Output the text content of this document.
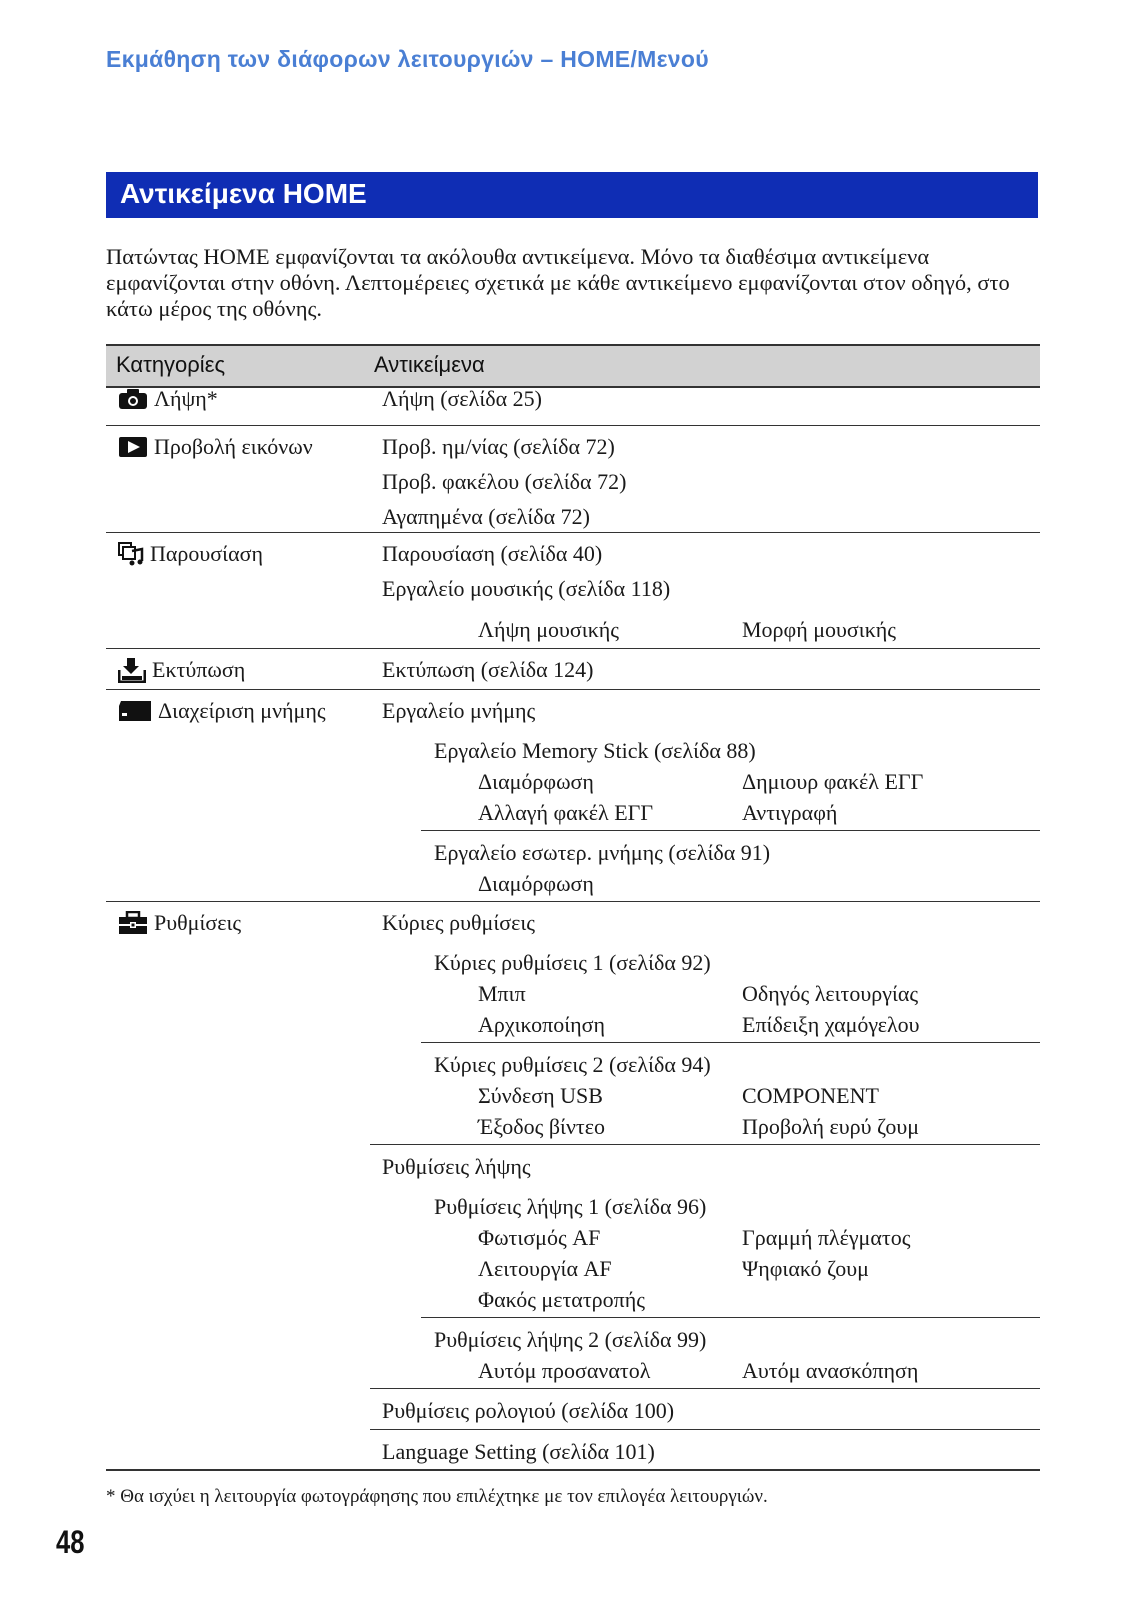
Εκμάθηση των διάφορων λειτουργιών – HOME/Μενού
Αντικείμενα HOME
Πατώντας HOME εμφανίζονται τα ακόλουθα αντικείμενα. Μόνο τα διαθέσιμα αντικείμενα εμφανίζονται στην οθόνη. Λεπτομέρειες σχετικά με κάθε αντικείμενο εμφανίζονται στον οδηγό, στο κάτω μέρος της οθόνης.
Κατηγορίες	Αντικείμενα
Λήψη*	Λήψη (σελίδα 25)
Προβολή εικόνων	Προβ. ημ/νίας (σελίδα 72)
Προβ. φακέλου (σελίδα 72)
Αγαπημένα (σελίδα 72)
Παρουσίαση	Παρουσίαση (σελίδα 40)
Εργαλείο μουσικής (σελίδα 118)
Λήψη μουσικής	Μορφή μουσικής
Εκτύπωση	Εκτύπωση (σελίδα 124)
Διαχείριση μνήμης	Εργαλείο μνήμης
Εργαλείο Memory Stick (σελίδα 88)
Διαμόρφωση	Δημιουρ φακέλ ΕΓΓ
Αλλαγή φακέλ ΕΓΓ	Αντιγραφή
Εργαλείο εσωτερ. μνήμης (σελίδα 91)
Διαμόρφωση
Ρυθμίσεις	Κύριες ρυθμίσεις
Κύριες ρυθμίσεις 1 (σελίδα 92)
Μπιπ	Οδηγός λειτουργίας
Αρχικοποίηση	Επίδειξη χαμόγελου
Κύριες ρυθμίσεις 2 (σελίδα 94)
Σύνδεση USB	COMPONENT
Έξοδος βίντεο	Προβολή ευρύ ζουμ
Ρυθμίσεις λήψης
Ρυθμίσεις λήψης 1 (σελίδα 96)
Φωτισμός AF	Γραμμή πλέγματος
Λειτουργία AF	Ψηφιακό ζουμ
Φακός μετατροπής
Ρυθμίσεις λήψης 2 (σελίδα 99)
Αυτόμ προσανατολ	Αυτόμ ανασκόπηση
Ρυθμίσεις ρολογιού (σελίδα 100)
Language Setting (σελίδα 101)
* Θα ισχύει η λειτουργία φωτογράφησης που επιλέχτηκε με τον επιλογέα λειτουργιών.
48
